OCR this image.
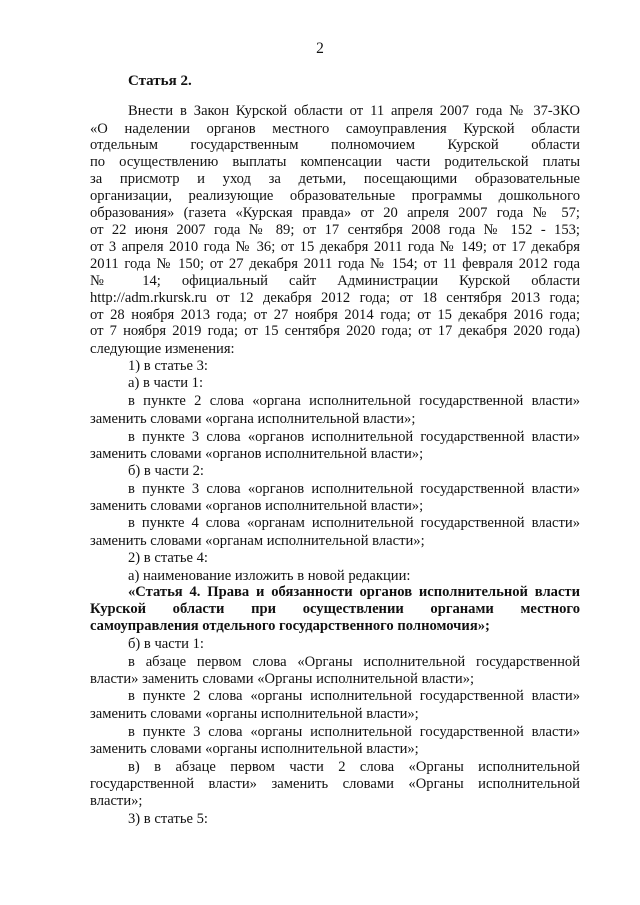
2
Статья 2.
Внести в Закон Курской области от 11 апреля 2007 года № 37-ЗКО
«О наделении органов местного самоуправления Курской области
отдельным государственным полномочием Курской области
по осуществлению выплаты компенсации части родительской платы
за присмотр и уход за детьми, посещающими образовательные
организации, реализующие образовательные программы дошкольного
образования» (газета «Курская правда» от 20 апреля 2007 года № 57;
от 22 июня 2007 года № 89; от 17 сентября 2008 года № 152 - 153;
от 3 апреля 2010 года № 36; от 15 декабря 2011 года № 149; от 17 декабря
2011 года № 150; от 27 декабря 2011 года № 154; от 11 февраля 2012 года
№ 14; официальный сайт Администрации Курской области
http://adm.rkursk.ru от 12 декабря 2012 года; от 18 сентября 2013 года;
от 28 ноября 2013 года; от 27 ноября 2014 года; от 15 декабря 2016 года;
от 7 ноября 2019 года; от 15 сентября 2020 года; от 17 декабря 2020 года)
следующие изменения:
1) в статье 3:
а) в части 1:
в пункте 2 слова «органа исполнительной государственной власти»
заменить словами «органа исполнительной власти»;
в пункте 3 слова «органов исполнительной государственной власти»
заменить словами «органов исполнительной власти»;
б) в части 2:
в пункте 3 слова «органов исполнительной государственной власти»
заменить словами «органов исполнительной власти»;
в пункте 4 слова «органам исполнительной государственной власти»
заменить словами «органам исполнительной власти»;
2) в статье 4:
а) наименование изложить в новой редакции:
«Статья 4. Права и обязанности органов исполнительной власти
Курской области при осуществлении органами местного
самоуправления отдельного государственного полномочия»;
б) в части 1:
в абзаце первом слова «Органы исполнительной государственной
власти» заменить словами «Органы исполнительной власти»;
в пункте 2 слова «органы исполнительной государственной власти»
заменить словами «органы исполнительной власти»;
в пункте 3 слова «органы исполнительной государственной власти»
заменить словами «органы исполнительной власти»;
в) в абзаце первом части 2 слова «Органы исполнительной
государственной власти» заменить словами «Органы исполнительной
власти»;
3) в статье 5:
